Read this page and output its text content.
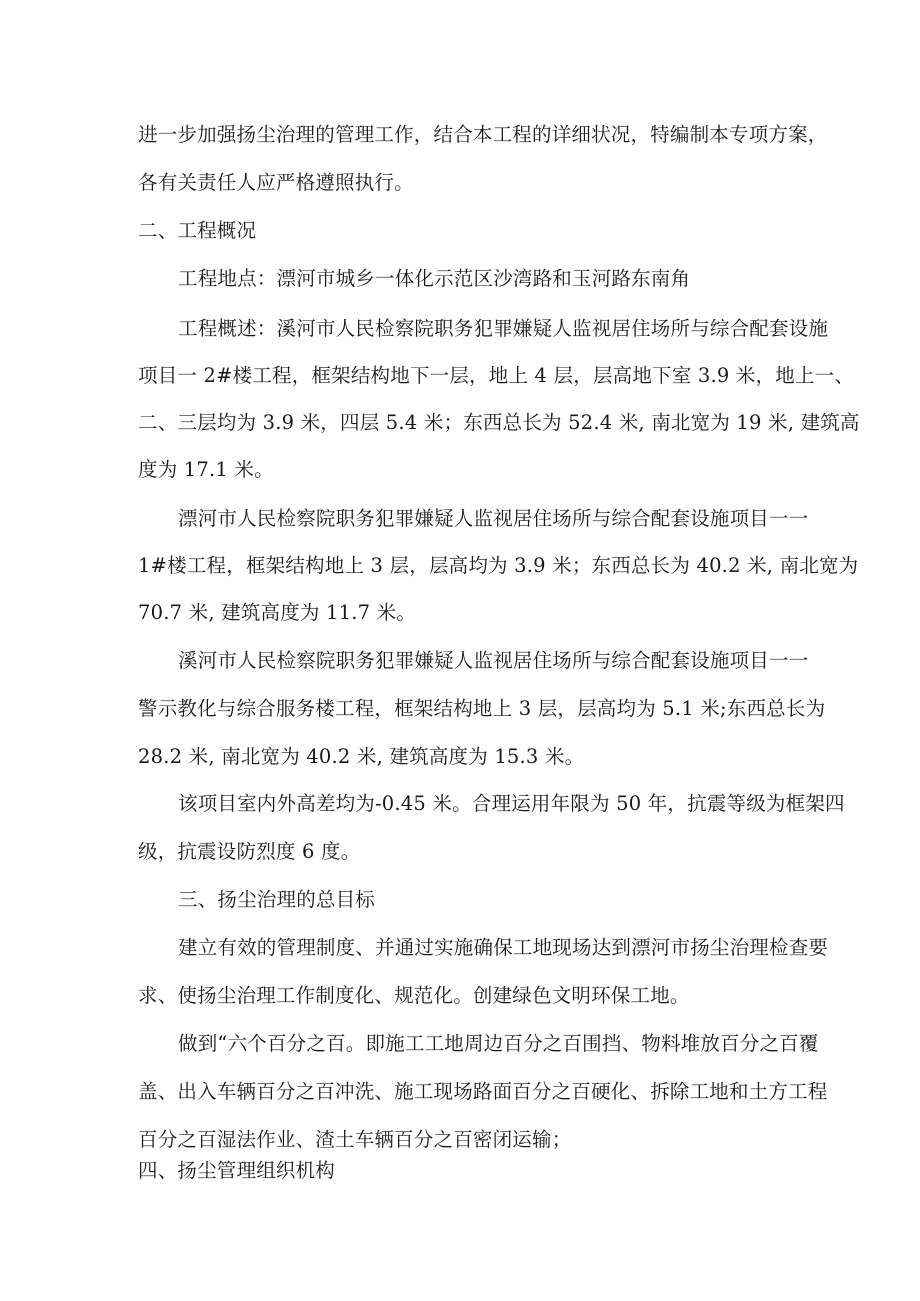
进一步加强扬尘治理的管理工作，结合本工程的详细状况，特编制本专项方案，
各有关责任人应严格遵照执行。
二、工程概况
工程地点：漂河市城乡一体化示范区沙湾路和玉河路东南角
工程概述：溪河市人民检察院职务犯罪嫌疑人监视居住场所与综合配套设施
项目一 2#楼工程，框架结构地下一层，地上 4 层，层高地下室 3.9 米，地上一、
二、三层均为 3.9 米，四层 5.4 米；东西总长为 52.4 米, 南北宽为 19 米, 建筑高
度为 17.1 米。
漂河市人民检察院职务犯罪嫌疑人监视居住场所与综合配套设施项目一一
1#楼工程，框架结构地上 3 层，层高均为 3.9 米；东西总长为 40.2 米, 南北宽为
70.7 米, 建筑高度为 11.7 米。
溪河市人民检察院职务犯罪嫌疑人监视居住场所与综合配套设施项目一一
警示教化与综合服务楼工程，框架结构地上 3 层，层高均为 5.1 米;东西总长为
28.2 米, 南北宽为 40.2 米, 建筑高度为 15.3 米。
该项目室内外高差均为-0.45 米。合理运用年限为 50 年，抗震等级为框架四
级，抗震设防烈度 6 度。
三、扬尘治理的总目标
建立有效的管理制度、并通过实施确保工地现场达到漂河市扬尘治理检查要
求、使扬尘治理工作制度化、规范化。创建绿色文明环保工地。
做到“六个百分之百。即施工工地周边百分之百围挡、物料堆放百分之百覆
盖、出入车辆百分之百冲洗、施工现场路面百分之百硬化、拆除工地和土方工程
百分之百湿法作业、渣土车辆百分之百密闭运输；
四、扬尘管理组织机构
